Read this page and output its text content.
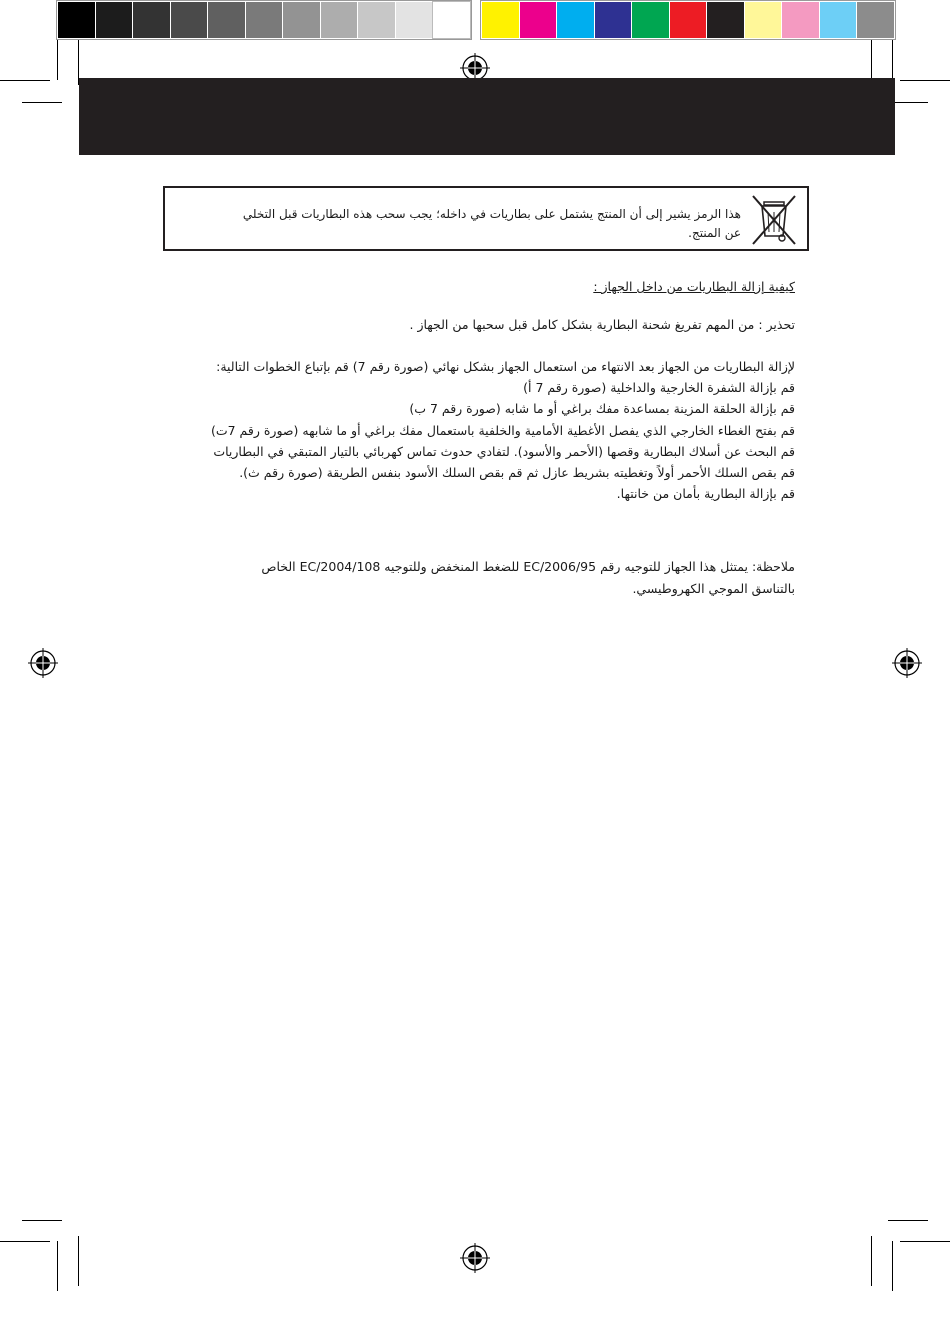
هذا الرمز يشير إلى أن المنتج يشتمل على بطاريات في داخله؛ يجب سحب هذه البطاريات قبل التخلي عن المنتج.
كيفية إزالة البطاريات من داخل الجهاز :
تحذير : من المهم تفريغ شحنة البطارية بشكل كامل قبل سحبها من الجهاز .
لإزالة البطاريات من الجهاز بعد الانتهاء من استعمال الجهاز بشكل نهائي (صورة رقم 7) قم بإتباع الخطوات التالية:
قم بإزالة الشفرة الخارجية والداخلية (صورة رقم 7 أ)
قم بإزالة الحلقة المزينة بمساعدة مفك براغي أو ما شابه (صورة رقم 7 ب)
قم بفتح الغطاء الخارجي الذي يفصل الأغطية الأمامية والخلفية باستعمال مفك براغي أو ما شابهه (صورة رقم 7ت)
قم البحث عن أسلاك البطارية وقصها (الأحمر والأسود). لتفادي حدوث تماس كهربائي بالتيار المتبقي في البطاريات
قم بقص السلك الأحمر أولاً وتغطيته بشريط عازل ثم قم بقص السلك الأسود بنفس الطريقة (صورة رقم ث).
قم بإزالة البطارية بأمان من خانتها.
ملاحظة: يمتثل هذا الجهاز للتوجيه رقم EC/2006/95 للضغط المنخفض وللتوجيه EC/2004/108 الخاص
بالتناسق الموجي الكهروطيسي.
